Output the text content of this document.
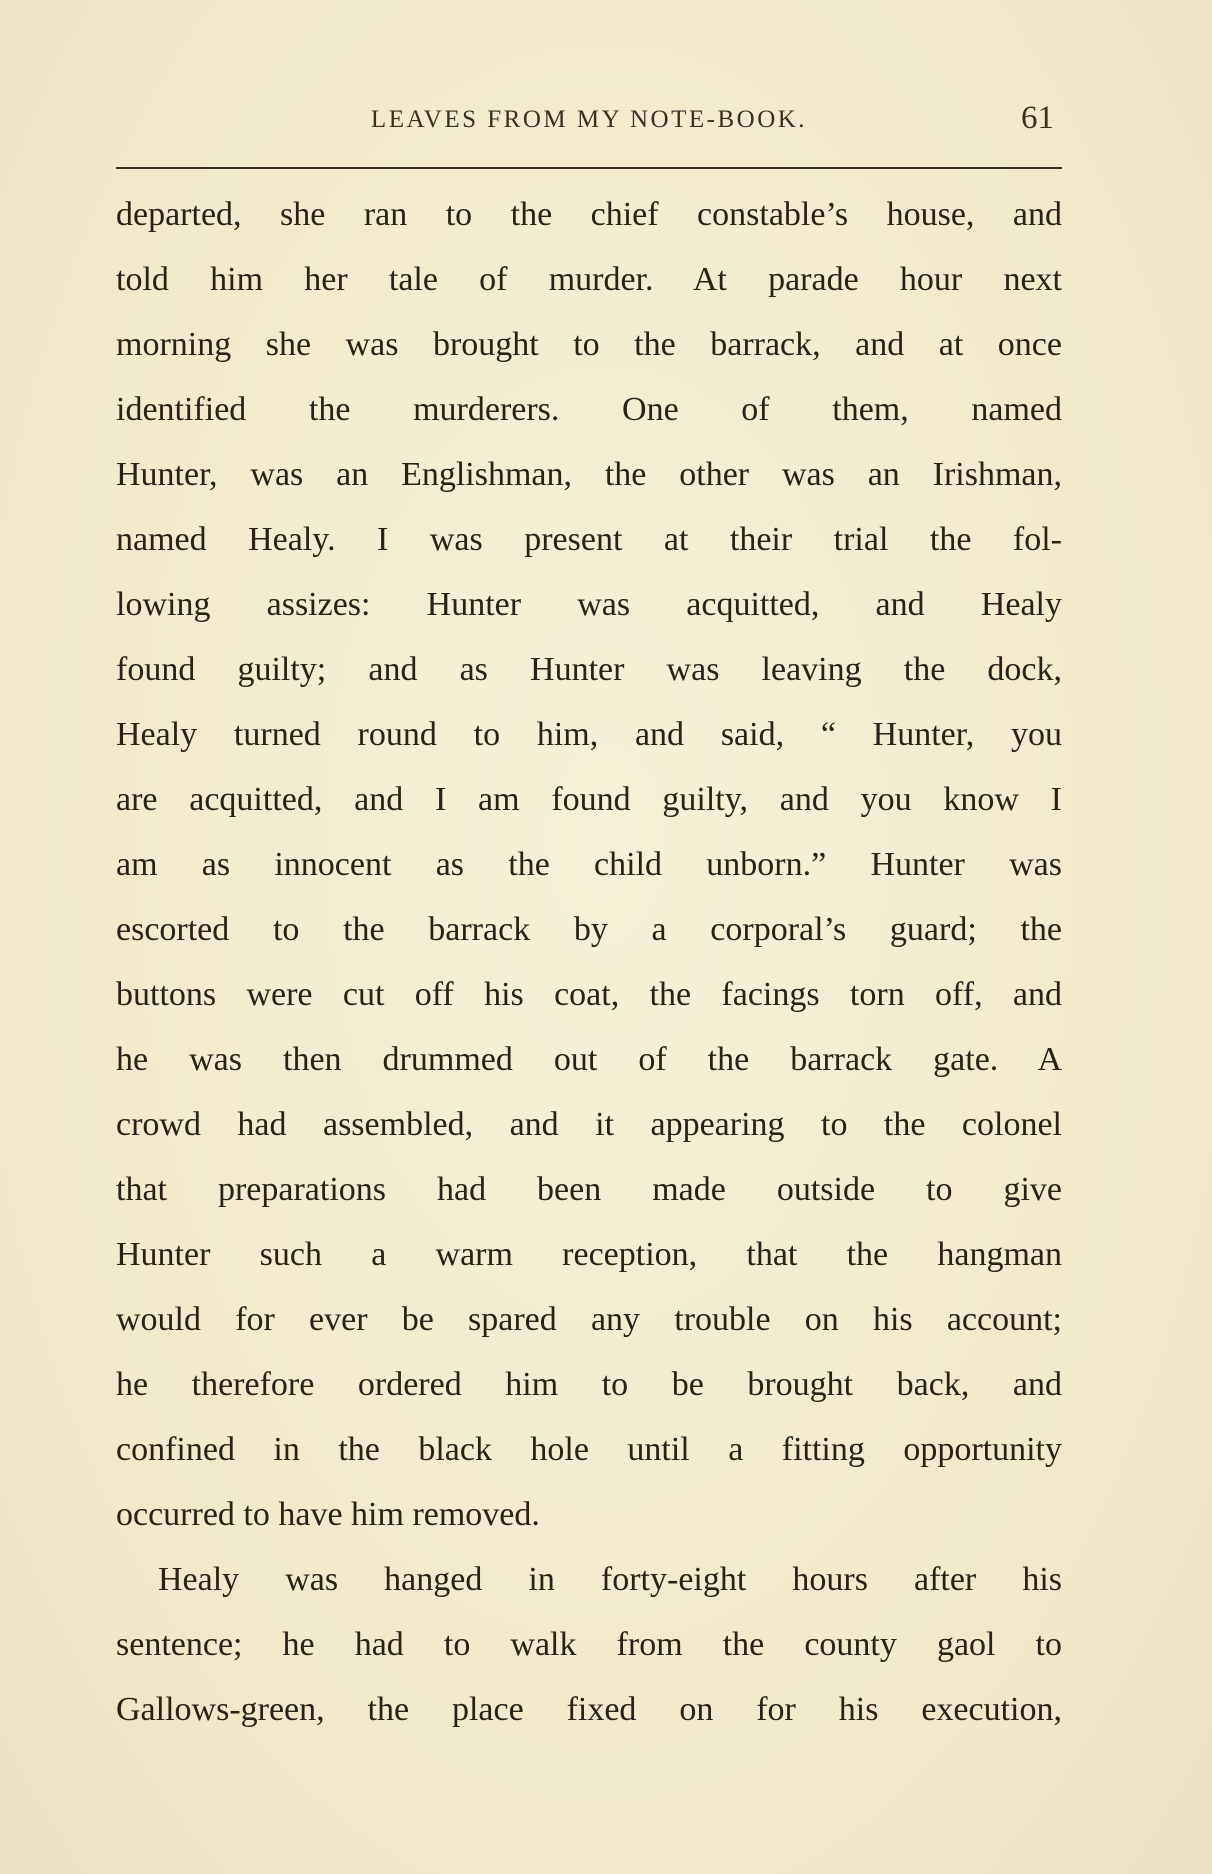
LEAVES FROM MY NOTE-BOOK.	61
departed, she ran to the chief constable’s house, and
told him her tale of murder. At parade hour next
morning she was brought to the barrack, and at once
identified the murderers. One of them, named
Hunter, was an Englishman, the other was an Irishman,
named Healy. I was present at their trial the fol-
lowing assizes: Hunter was acquitted, and Healy
found guilty; and as Hunter was leaving the dock,
Healy turned round to him, and said, “ Hunter, you
are acquitted, and I am found guilty, and you know I
am as innocent as the child unborn.” Hunter was
escorted to the barrack by a corporal’s guard; the
buttons were cut off his coat, the facings torn off, and
he was then drummed out of the barrack gate. A
crowd had assembled, and it appearing to the colonel
that preparations had been made outside to give
Hunter such a warm reception, that the hangman
would for ever be spared any trouble on his account;
he therefore ordered him to be brought back, and
confined in the black hole until a fitting opportunity
occurred to have him removed.
Healy was hanged in forty-eight hours after his
sentence; he had to walk from the county gaol to
Gallows-green, the place fixed on for his execution,
